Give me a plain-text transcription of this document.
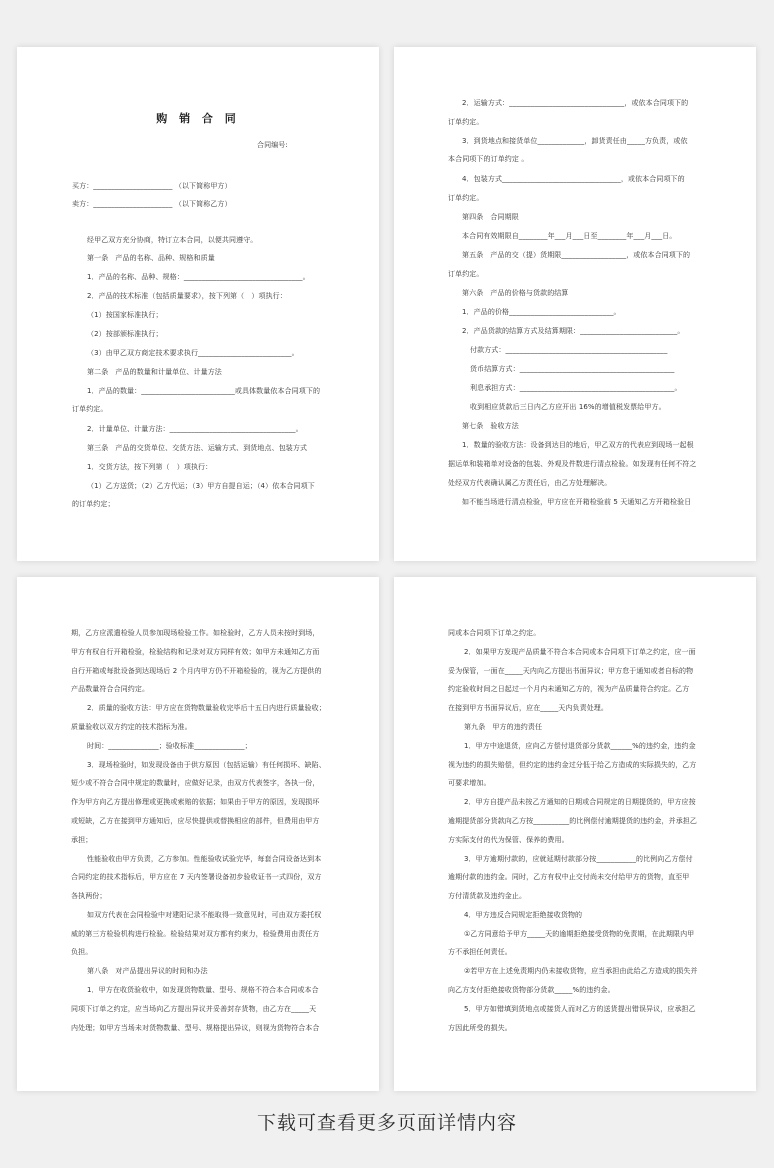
购 销 合 同
合同编号:
买方：______________________ （以下简称甲方）
卖方：______________________ （以下简称乙方）
经甲乙双方充分协商，特订立本合同，以便共同遵守。
第一条　产品的名称、品种、规格和质量
1．产品的名称、品种、规格：_________________________________。
2．产品的技术标准（包括质量要求），按下列第（　）项执行：
（1）按国家标准执行；
（2）按部颁标准执行；
（3）由甲乙双方商定技术要求执行__________________________。
第二条　产品的数量和计量单位、计量方法
1．产品的数量：__________________________或具体数量依本合同项下的
订单约定。
2．计量单位、计量方法：___________________________________。
第三条　产品的交货单位、交货方法、运输方式、到货地点、包装方式
1．交货方法，按下列第（　）项执行：
（1）乙方送货；（2）乙方代运；（3）甲方自提自运；（4）依本合同项下
的订单约定；
2．运输方式：________________________________，或依本合同项下的
订单约定。
3．到货地点和接货单位_____________，卸货责任由_____方负责，或依
本合同项下的订单约定 。
4．包装方式_________________________________，或依本合同项下的
订单约定。
第四条　合同期限
本合同有效期限自________年___月___日至________年___月___日。
第五条　产品的交（提）货期限__________________，或依本合同项下的
订单约定。
第六条　产品的价格与货款的结算
1．产品的价格_____________________________。
2．产品货款的结算方式及结算期限：___________________________。
付款方式：_____________________________________________
货币结算方式：___________________________________________
利息承担方式：___________________________________________。
收到相应货款后三日内乙方应开出 16%的增值税发票给甲方。
第七条　验收方法
1．数量的验收方法：设备到达目的地后，甲乙双方的代表应到现场一起根
据运单和装箱单对设备的包装、外观及件数进行清点检验。如发现有任何不符之
处经双方代表确认属乙方责任后，由乙方处理解决。
如不能当场进行清点检验，甲方应在开箱检验前 5 天通知乙方开箱检验日
期，乙方应派遣检验人员参加现场检验工作。如检验时，乙方人员未按时到场，
甲方有权自行开箱检验，检验结构和记录对双方同样有效；如甲方未通知乙方而
自行开箱或每批设备到达现场后 2 个月内甲方仍不开箱检验的，视为乙方提供的
产品数量符合合同约定。
2．质量的验收方法：甲方应在货物数量验收完毕后十五日内进行质量验收；
质量验收以双方约定的技术指标为准。
时间：______________；验收标准______________；
3．现场检验时，如发现设备由于供方原因（包括运输）有任何损坏、缺陷、
短少或不符合合同中规定的数量时，应做好记录，由双方代表签字，各执一份，
作为甲方向乙方提出修理或更换或索赔的依据；如果由于甲方的原因，发现损坏
或短缺，乙方在接到甲方通知后，应尽快提供或替换相应的部件，但费用由甲方
承担；
性能验收由甲方负责，乙方参加。性能验收试验完毕，每套合同设备达到本
合同约定的技术指标后，甲方应在 7 天内签署设备初步验收证书一式四份，双方
各执两份；
如双方代表在会同检验中对建阳记录不能取得一致意见时，可由双方委托权
威的第三方检验机构进行检验。检验结果对双方都有约束力，检验费用由责任方
负担。
第八条　对产品提出异议的时间和办法
1．甲方在收货验收中，如发现货物数量、型号、规格不符合本合同或本合
同项下订单之约定，应当场向乙方提出异议并妥善封存货物，由乙方在_____天
内处理；如甲方当场未对货物数量、型号、规格提出异议，则视为货物符合本合
同或本合同项下订单之约定。
2．如果甲方发现产品质量不符合本合同或本合同项下订单之约定，应一面
妥为保管，一面在_____天内向乙方提出书面异议；甲方怠于通知或者自标的物
约定验收时间之日起过一个月内未通知乙方的，视为产品质量符合约定。乙方
在接到甲方书面异议后，应在_____天内负责处理。
第九条　甲方的违约责任
1．甲方中途退货，应向乙方偿付退货部分货款______%的违约金，违约金
视为违约的损失赔偿，但约定的违约金过分低于给乙方造成的实际损失的，乙方
可要求增加。
2．甲方自提产品未按乙方通知的日期或合同规定的日期提货的，甲方应按
逾期提货部分货款向乙方按__________的比例偿付逾期提货的违约金，并承担乙
方实际支付的代为保管、保养的费用。
3．甲方逾期付款的，应就延期付款部分按___________的比例向乙方偿付
逾期付款的违约金。同时，乙方有权中止交付尚未交付给甲方的货物，直至甲
方付清货款及违约金止。
4．甲方违反合同规定拒绝接收货物的
①乙方同意给予甲方_____天的逾期拒绝接受货物的免责期，在此期限内甲
方不承担任何责任。
②若甲方在上述免责期内仍未接收货物，应当承担由此给乙方造成的损失并
向乙方支付拒绝接收货物部分货款_____%的违约金。
5．甲方如错填到货地点或接货人而对乙方的送货提出错误异议，应承担乙
方因此所受的损失。
下载可查看更多页面详情内容
